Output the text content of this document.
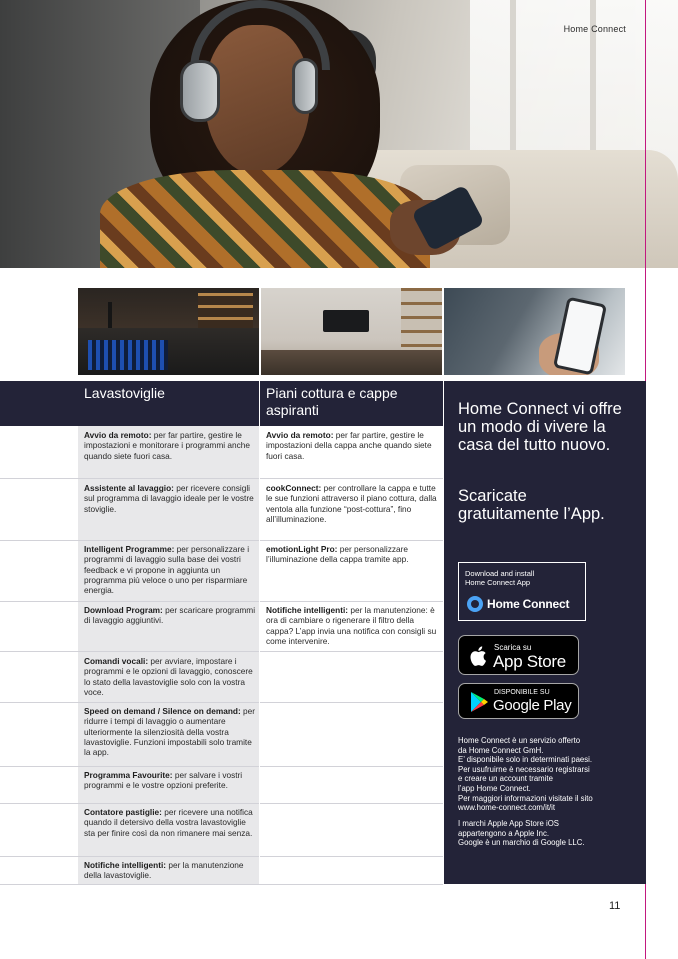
Home Connect
Lavastoviglie	Piani cottura e cappe aspiranti
Avvio da remoto: per far partire, gestire le impostazioni e monitorare i programmi anche quando siete fuori casa.
Assistente al lavaggio: per ricevere consigli sul programma di lavaggio ideale per le vostre stoviglie.
Intelligent Programme: per personalizzare i programmi di lavaggio sulla base dei vostri feedback e vi propone in aggiunta un programma più veloce o uno per risparmiare energia.
Download Program: per scaricare programmi di lavaggio aggiuntivi.
Comandi vocali: per avviare, impostare i programmi e le opzioni di lavaggio, conoscere lo stato della lavastoviglie solo con la vostra voce.
Speed on demand / Silence on demand: per ridurre i tempi di lavaggio o aumentare ulteriormente la silenziosità della vostra lavastoviglie. Funzioni impostabili solo tramite la app.
Programma Favourite: per salvare i vostri programmi e le vostre opzioni preferite.
Contatore pastiglie: per ricevere una notifica quando il detersivo della vostra lavastoviglie sta per finire così da non rimanere mai senza.
Notifiche intelligenti: per la manutenzione della lavastoviglie.
Avvio da remoto: per far partire, gestire le impostazioni della cappa anche quando siete fuori casa.
cookConnect: per controllare la cappa e tutte le sue funzioni attraverso il piano cottura, dalla ventola alla funzione “post-cottura”, fino all’illuminazione.
emotionLight Pro: per personalizzare l’illuminazione della cappa tramite app.
Notifiche intelligenti: per la manutenzione: è ora di cambiare o rigenerare il filtro della cappa? L’app invia una notifica con consigli su come intervenire.
Home Connect vi offre un modo di vivere la casa del tutto nuovo.
Scaricate gratuitamente l’App.
Download and install
Home Connect App
Home Connect
Scarica su
App Store
DISPONIBILE SU
Google Play
Home Connect è un servizio offerto
da Home Connect GmH.
E’ disponibile solo in determinati paesi.
Per usufruirne è necessario registrarsi
e creare un account tramite
l’app Home Connect.
Per maggiori informazioni visitate il sito
www.home-connect.com/it/it
I marchi Apple App Store iOS
appartengono a Apple Inc.
Google è un marchio di Google LLC.
11
